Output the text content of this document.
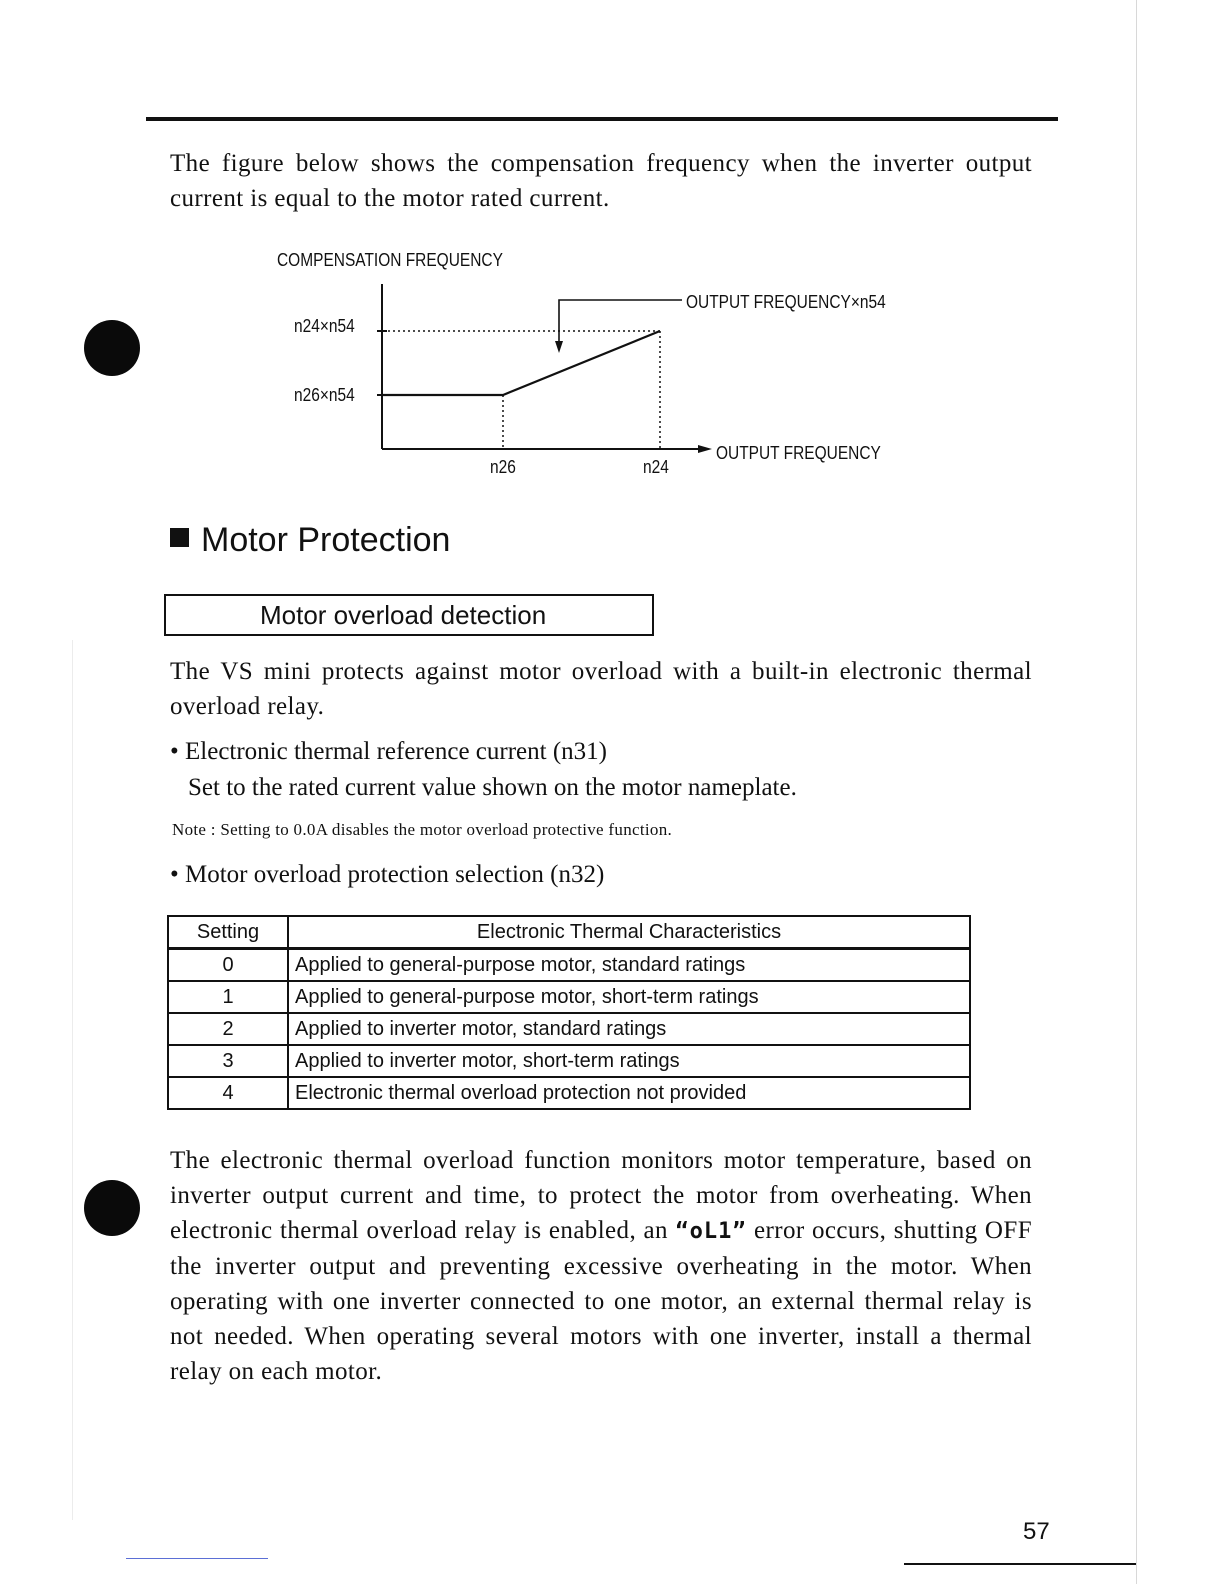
The figure below shows the compensation frequency when the inverter output current is equal to the motor rated current.

COMPENSATION FREQUENCY
n24×n54
n26×n54
n26	n24
OUTPUT FREQUENCY×n54
OUTPUT FREQUENCY
Motor Protection
Motor overload detection

The VS mini protects against motor overload with a built-in electronic thermal overload relay.

• Electronic thermal reference current (n31)
Set to the rated current value shown on the motor nameplate.
Note : Setting to 0.0A disables the motor overload protective function.
• Motor overload protection selection (n32)
Setting	Electronic Thermal Characteristics
0	Applied to general-purpose motor, standard ratings
1	Applied to general-purpose motor, short-term ratings
2	Applied to inverter motor, standard ratings
3	Applied to inverter motor, short-term ratings
4	Electronic thermal overload protection not provided

The electronic thermal overload function monitors motor temperature, based on inverter output current and time, to protect the motor from overheating. When electronic thermal overload relay is enabled, an “oL1” error occurs, shutting OFF the inverter output and preventing excessive overheating in the motor. When operating with one inverter connected to one motor, an external thermal relay is not needed. When operating several motors with one inverter, install a thermal relay on each motor.

57
